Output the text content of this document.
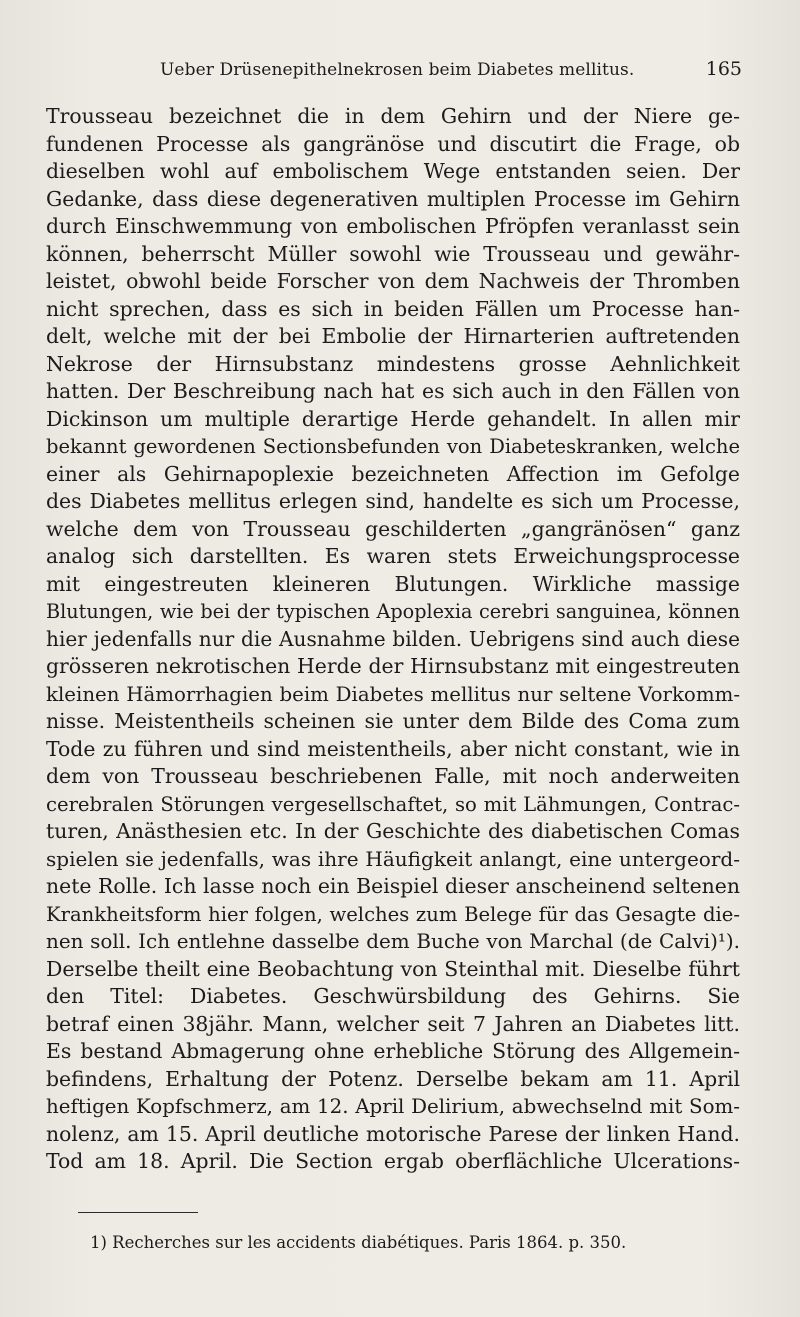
Ueber Drüsenepithelnekrosen beim Diabetes mellitus.	165
Trousseau bezeichnet die in dem Gehirn und der Niere ge-
fundenen Processe als gangränöse und discutirt die Frage, ob
dieselben wohl auf embolischem Wege entstanden seien. Der
Gedanke, dass diese degenerativen multiplen Processe im Gehirn
durch Einschwemmung von embolischen Pfröpfen veranlasst sein
können, beherrscht Müller sowohl wie Trousseau und gewähr-
leistet, obwohl beide Forscher von dem Nachweis der Thromben
nicht sprechen, dass es sich in beiden Fällen um Processe han-
delt, welche mit der bei Embolie der Hirnarterien auftretenden
Nekrose der Hirnsubstanz mindestens grosse Aehnlichkeit
hatten. Der Beschreibung nach hat es sich auch in den Fällen von
Dickinson um multiple derartige Herde gehandelt. In allen mir
bekannt gewordenen Sectionsbefunden von Diabeteskranken, welche
einer als Gehirnapoplexie bezeichneten Affection im Gefolge
des Diabetes mellitus erlegen sind, handelte es sich um Processe,
welche dem von Trousseau geschilderten „gangränösen“ ganz
analog sich darstellten. Es waren stets Erweichungsprocesse
mit eingestreuten kleineren Blutungen. Wirkliche massige
Blutungen, wie bei der typischen Apoplexia cerebri sanguinea, können
hier jedenfalls nur die Ausnahme bilden. Uebrigens sind auch diese
grösseren nekrotischen Herde der Hirnsubstanz mit eingestreuten
kleinen Hämorrhagien beim Diabetes mellitus nur seltene Vorkomm-
nisse. Meistentheils scheinen sie unter dem Bilde des Coma zum
Tode zu führen und sind meistentheils, aber nicht constant, wie in
dem von Trousseau beschriebenen Falle, mit noch anderweiten
cerebralen Störungen vergesellschaftet, so mit Lähmungen, Contrac-
turen, Anästhesien etc. In der Geschichte des diabetischen Comas
spielen sie jedenfalls, was ihre Häufigkeit anlangt, eine untergeord-
nete Rolle. Ich lasse noch ein Beispiel dieser anscheinend seltenen
Krankheitsform hier folgen, welches zum Belege für das Gesagte die-
nen soll. Ich entlehne dasselbe dem Buche von Marchal (de Calvi)¹).
Derselbe theilt eine Beobachtung von Steinthal mit. Dieselbe führt
den Titel: Diabetes. Geschwürsbildung des Gehirns. Sie
betraf einen 38jähr. Mann, welcher seit 7 Jahren an Diabetes litt.
Es bestand Abmagerung ohne erhebliche Störung des Allgemein-
befindens, Erhaltung der Potenz. Derselbe bekam am 11. April
heftigen Kopfschmerz, am 12. April Delirium, abwechselnd mit Som-
nolenz, am 15. April deutliche motorische Parese der linken Hand.
Tod am 18. April. Die Section ergab oberflächliche Ulcerations-
1) Recherches sur les accidents diabétiques. Paris 1864. p. 350.
